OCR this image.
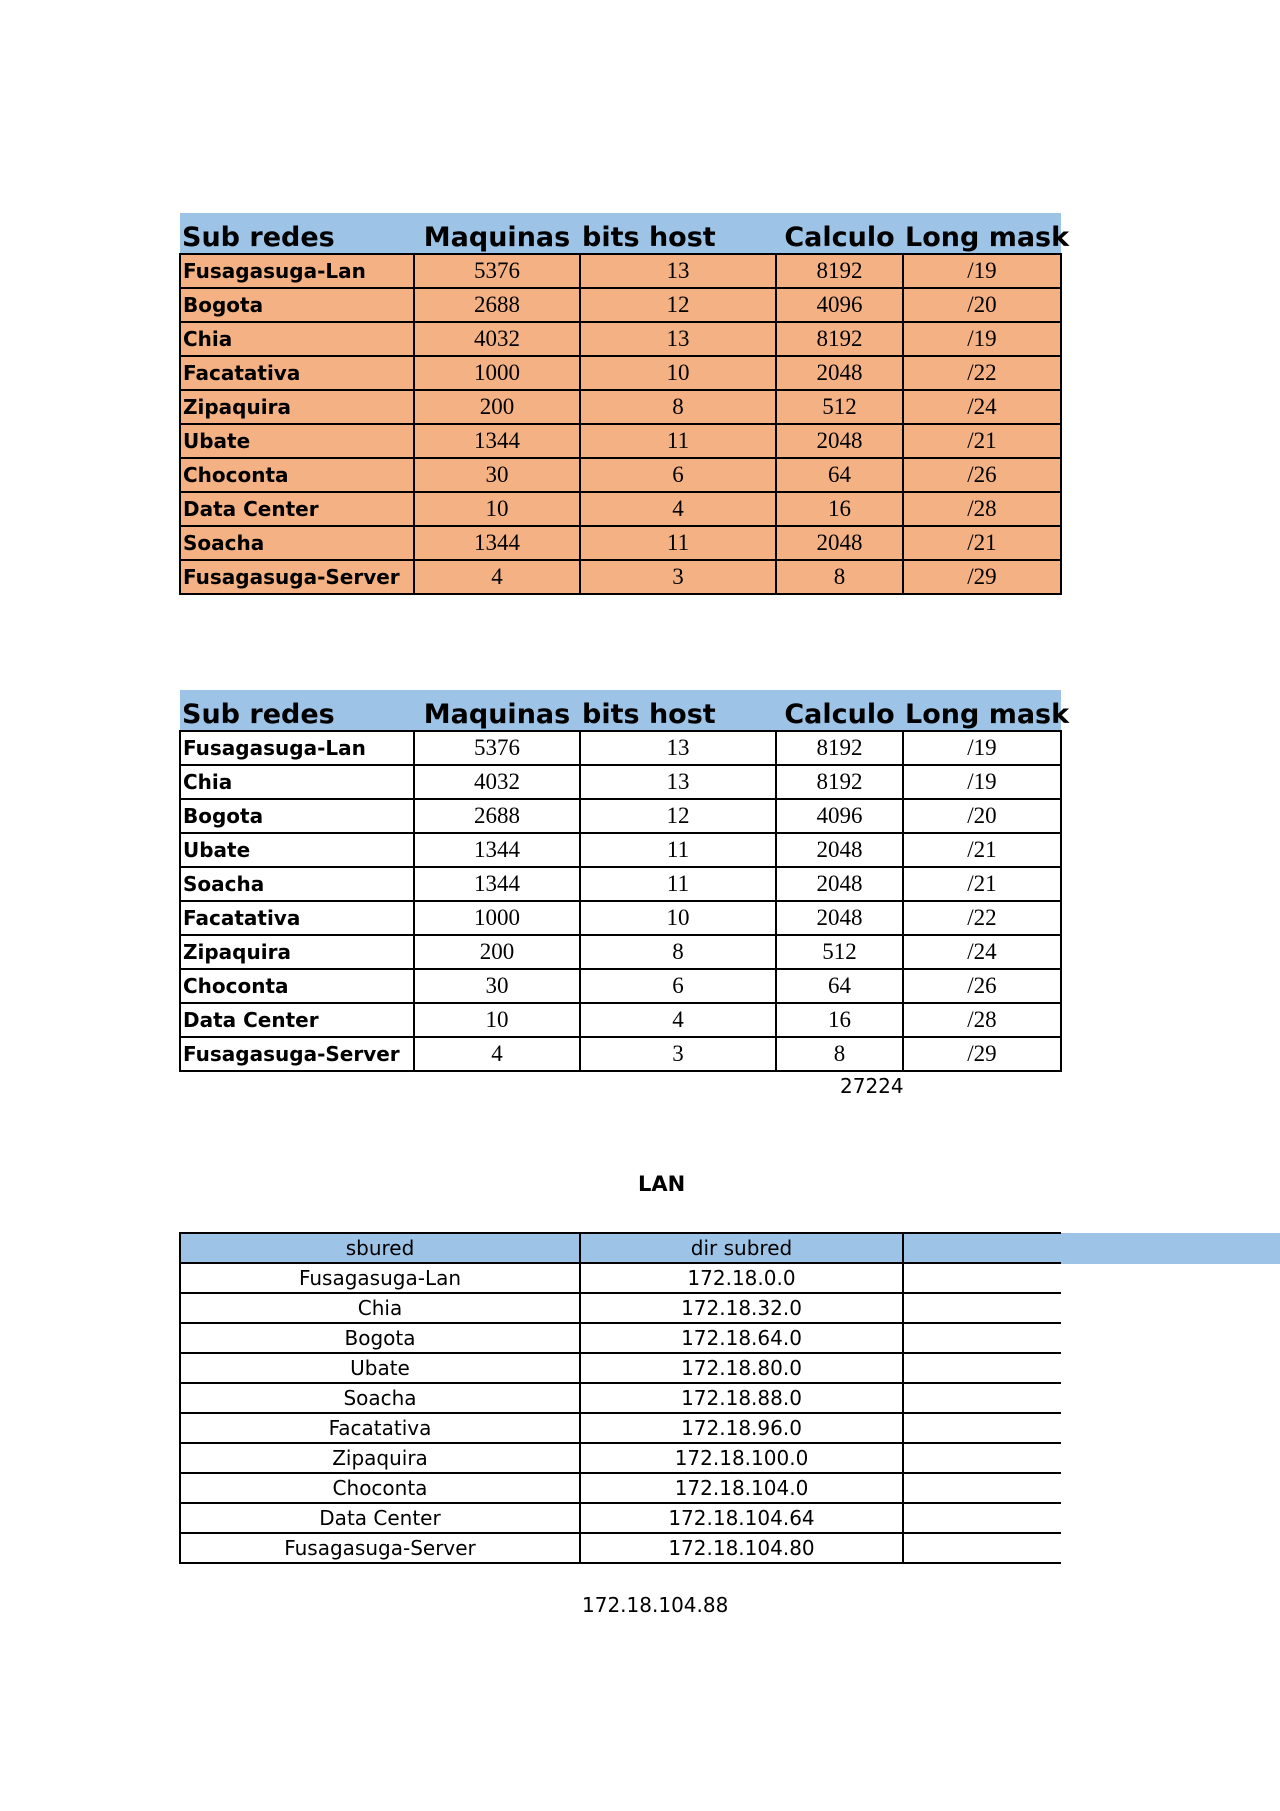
Sub redes	Maquinas	bits host	Calculo	Long mask
Fusagasuga-Lan	5376	13	8192	/19
Bogota	2688	12	4096	/20
Chia	4032	13	8192	/19
Facatativa	1000	10	2048	/22
Zipaquira	200	8	512	/24
Ubate	1344	11	2048	/21
Choconta	30	6	64	/26
Data Center	10	4	16	/28
Soacha	1344	11	2048	/21
Fusagasuga-Server	4	3	8	/29
Sub redes	Maquinas	bits host	Calculo	Long mask
Fusagasuga-Lan	5376	13	8192	/19
Chia	4032	13	8192	/19
Bogota	2688	12	4096	/20
Ubate	1344	11	2048	/21
Soacha	1344	11	2048	/21
Facatativa	1000	10	2048	/22
Zipaquira	200	8	512	/24
Choconta	30	6	64	/26
Data Center	10	4	16	/28
Fusagasuga-Server	4	3	8	/29
27224
LAN
sbured	dir subred	
Fusagasuga-Lan	172.18.0.0	
Chia	172.18.32.0	
Bogota	172.18.64.0	
Ubate	172.18.80.0	
Soacha	172.18.88.0	
Facatativa	172.18.96.0	
Zipaquira	172.18.100.0	
Choconta	172.18.104.0	
Data Center	172.18.104.64	
Fusagasuga-Server	172.18.104.80	
172.18.104.88
